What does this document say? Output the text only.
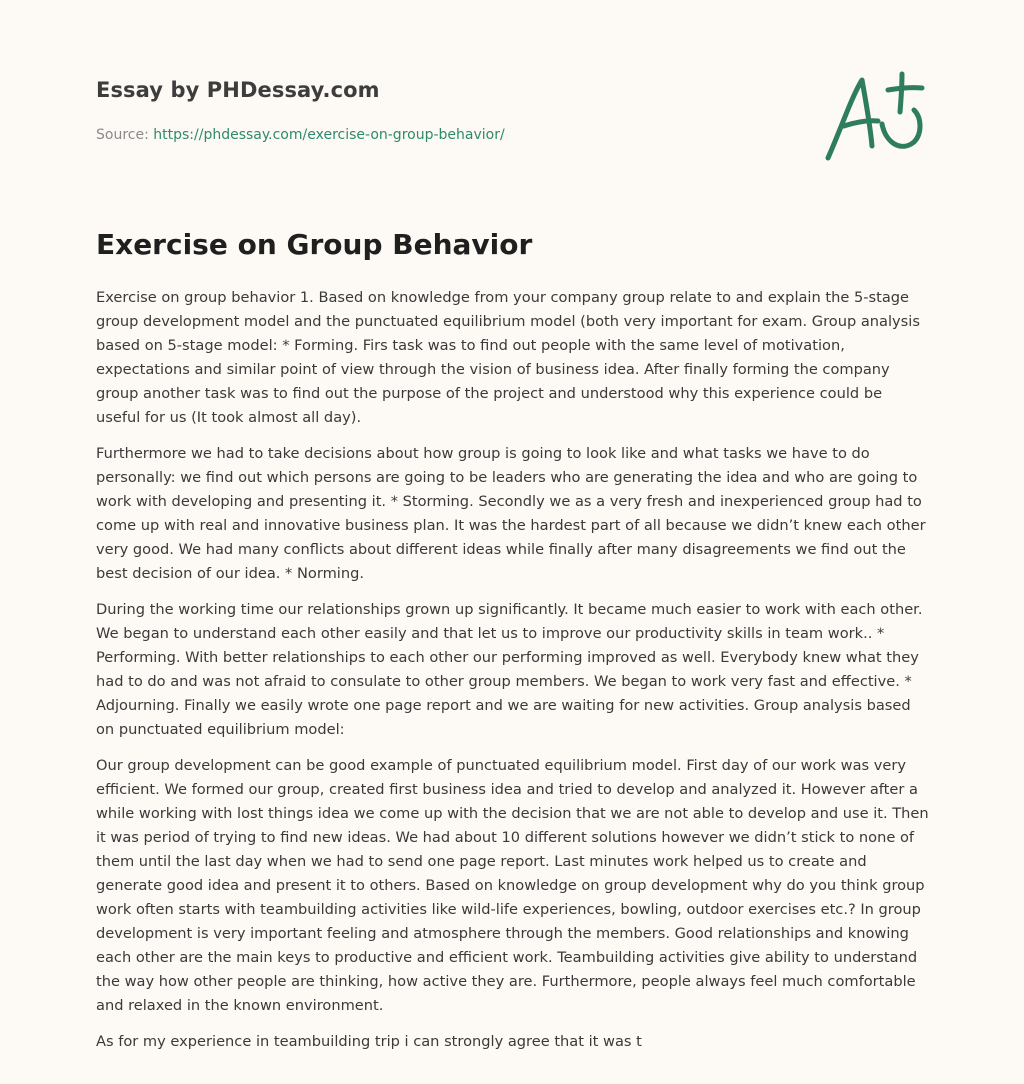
Essay by PHDessay.com

Source: https://phdessay.com/exercise-on-group-behavior/
Exercise on Group Behavior

Exercise on group behavior 1. Based on knowledge from your company group relate to and explain the 5-stage group development model and the punctuated equilibrium model (both very important for exam. Group analysis based on 5-stage model: * Forming. Firs task was to find out people with the same level of motivation, expectations and similar point of view through the vision of business idea. After finally forming the company group another task was to find out the purpose of the project and understood why this experience could be useful for us (It took almost all day).

Furthermore we had to take decisions about how group is going to look like and what tasks we have to do personally: we find out which persons are going to be leaders who are generating the idea and who are going to work with developing and presenting it. * Storming. Secondly we as a very fresh and inexperienced group had to come up with real and innovative business plan. It was the hardest part of all because we didn’t knew each other very good. We had many conflicts about different ideas while finally after many disagreements we find out the best decision of our idea. * Norming.

During the working time our relationships grown up significantly. It became much easier to work with each other. We began to understand each other easily and that let us to improve our productivity skills in team work.. * Performing. With better relationships to each other our performing improved as well. Everybody knew what they had to do and was not afraid to consulate to other group members. We began to work very fast and effective. * Adjourning. Finally we easily wrote one page report and we are waiting for new activities. Group analysis based on punctuated equilibrium model:

Our group development can be good example of punctuated equilibrium model. First day of our work was very efficient. We formed our group, created first business idea and tried to develop and analyzed it. However after a while working with lost things idea we come up with the decision that we are not able to develop and use it. Then it was period of trying to find new ideas. We had about 10 different solutions however we didn’t stick to none of them until the last day when we had to send one page report. Last minutes work helped us to create and generate good idea and present it to others. Based on knowledge on group development why do you think group work often starts with teambuilding activities like wild-life experiences, bowling, outdoor exercises etc.? In group development is very important feeling and atmosphere through the members. Good relationships and knowing each other are the main keys to productive and efficient work. Teambuilding activities give ability to understand the way how other people are thinking, how active they are. Furthermore, people always feel much comfortable and relaxed in the known environment.

As for my experience in teambuilding trip i can strongly agree that it was t
